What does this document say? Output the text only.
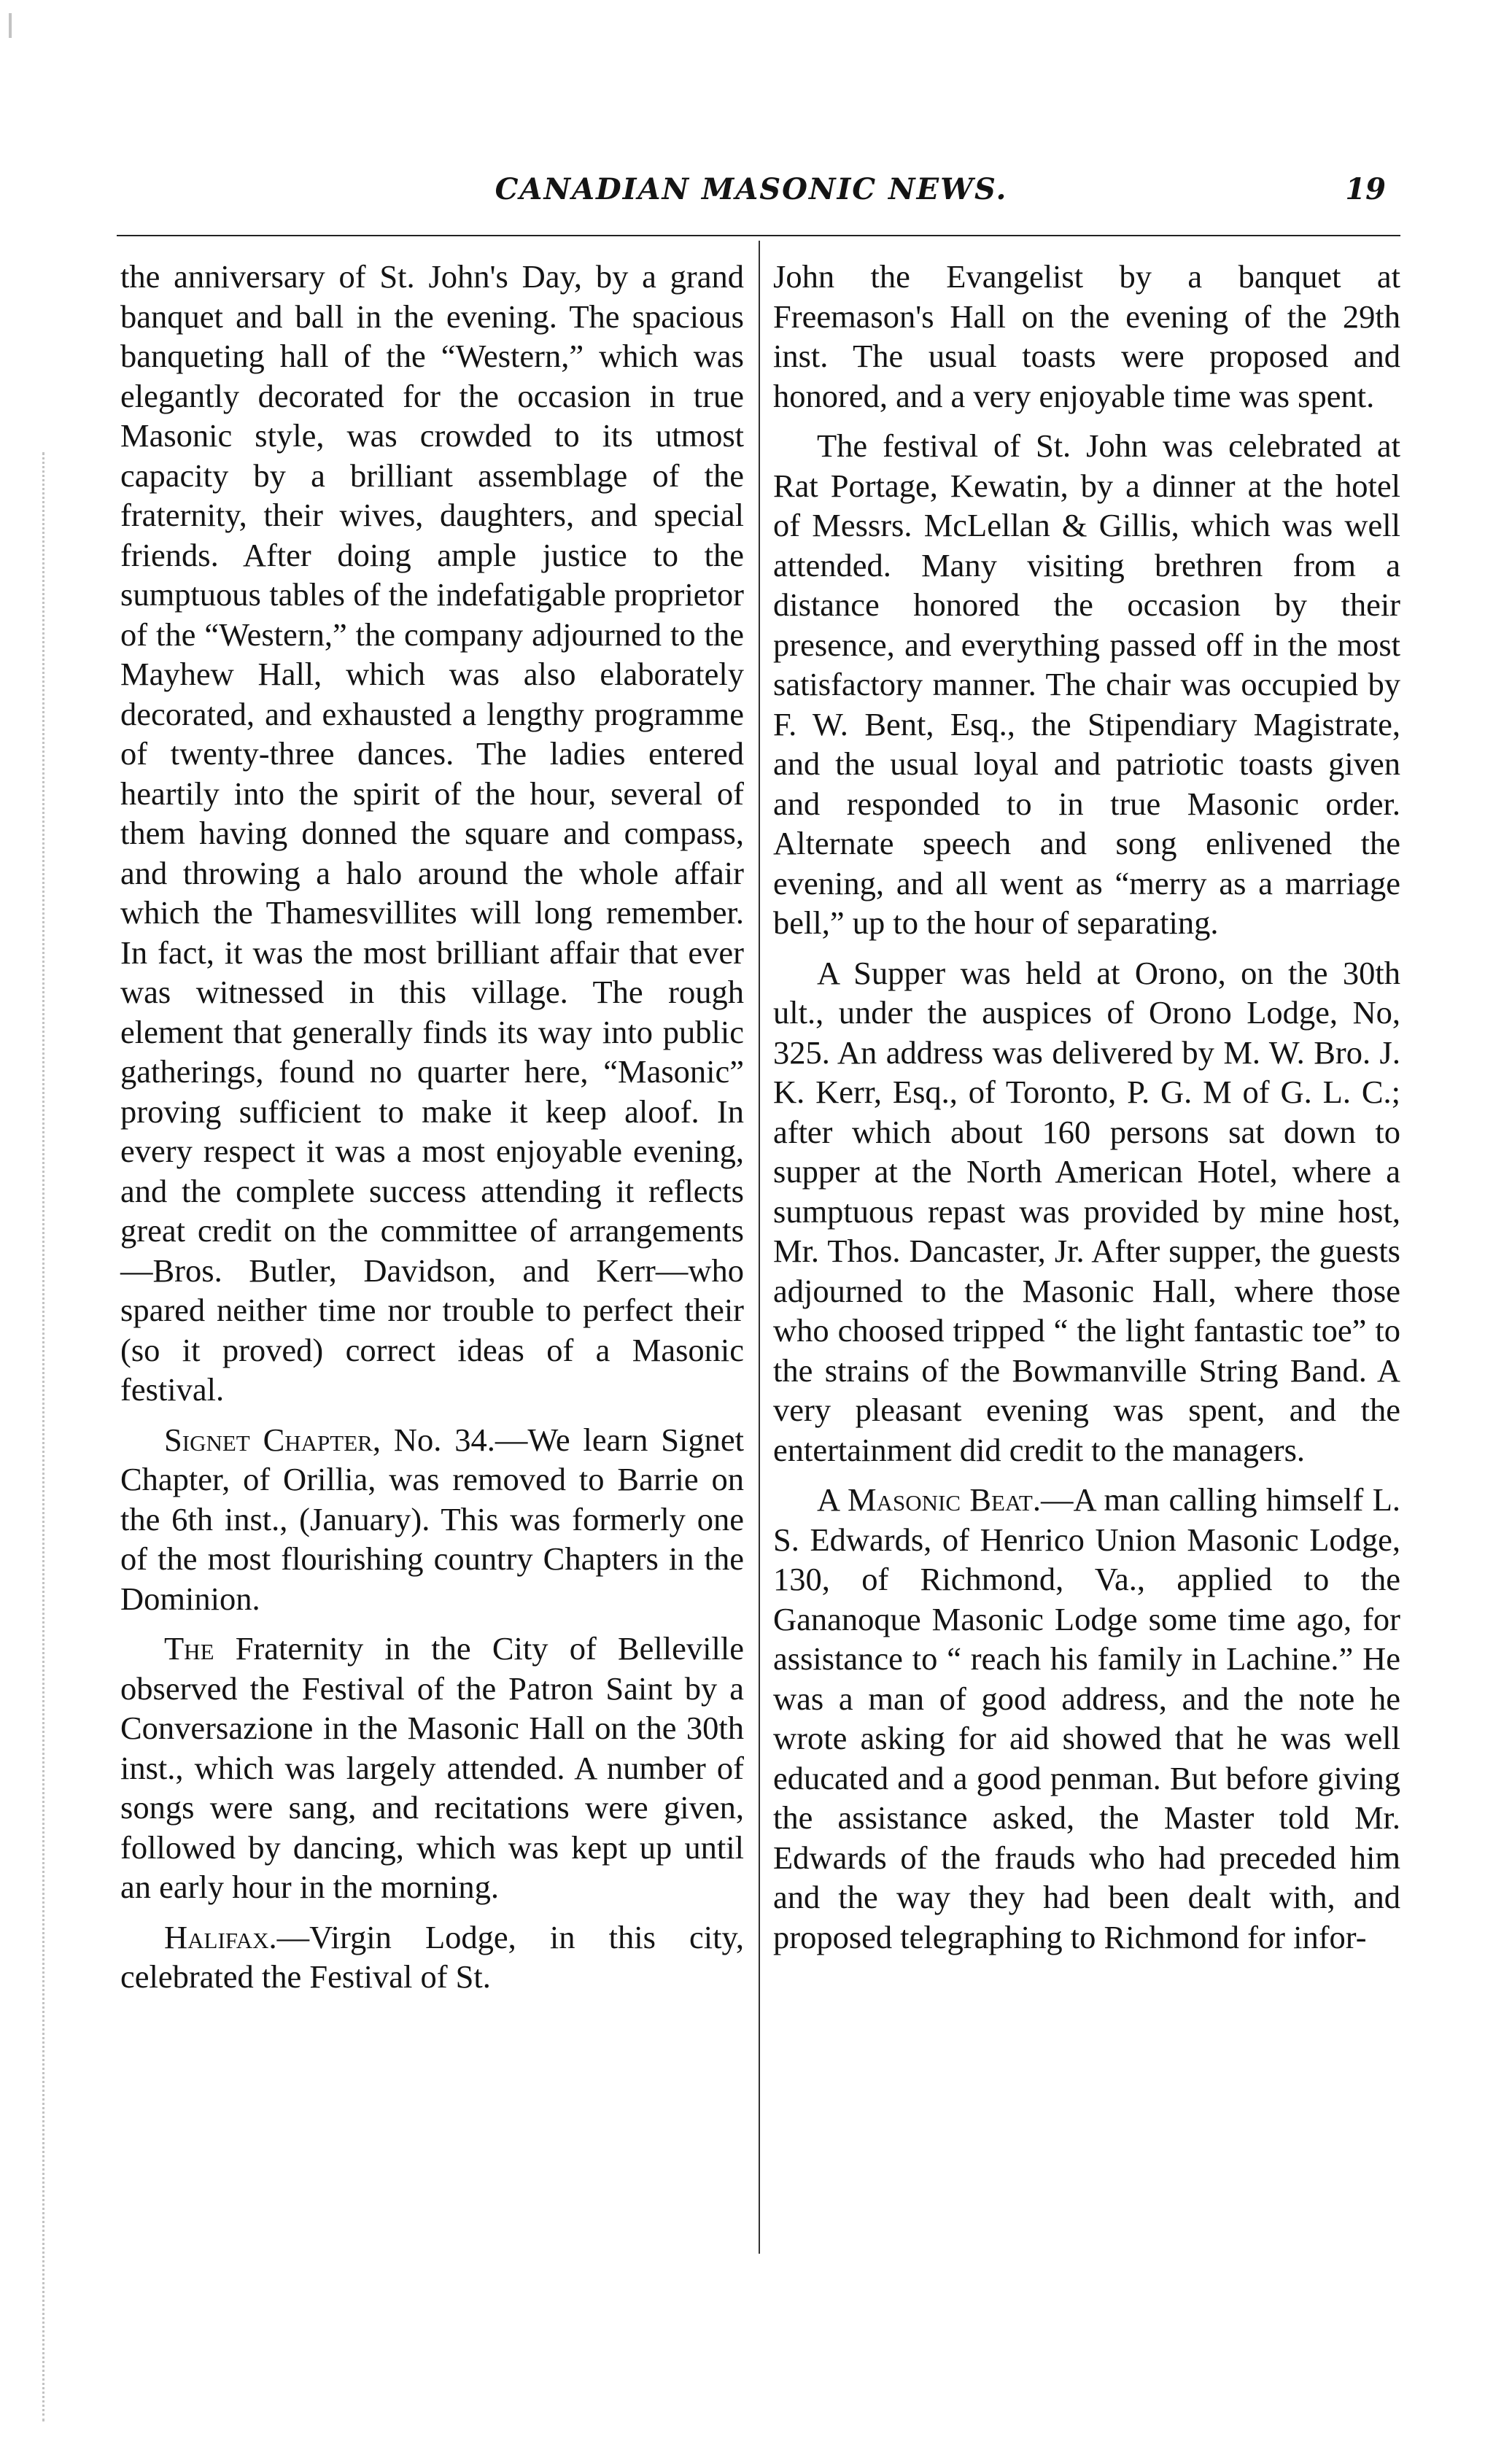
CANADIAN MASONIC NEWS.	19

the anniversary of St. John's Day, by a grand banquet and ball in the evening. The spacious banqueting hall of the “Western,” which was elegantly decorated for the occasion in true Masonic style, was crowded to its utmost capacity by a brilliant assemblage of the fraternity, their wives, daughters, and special friends. After doing ample justice to the sumptuous tables of the indefatigable proprietor of the “Western,” the company adjourned to the Mayhew Hall, which was also elaborately decorated, and exhausted a lengthy programme of twenty-three dances. The ladies entered heartily into the spirit of the hour, several of them having donned the square and compass, and throwing a halo around the whole affair which the Thamesvillites will long remember. In fact, it was the most brilliant affair that ever was witnessed in this village. The rough element that generally finds its way into public gatherings, found no quarter here, “Masonic” proving sufficient to make it keep aloof. In every respect it was a most enjoyable evening, and the complete success attending it reflects great credit on the committee of arrangements—Bros. Butler, Davidson, and Kerr—who spared neither time nor trouble to perfect their (so it proved) correct ideas of a Masonic festival.

Signet Chapter, No. 34.—We learn Signet Chapter, of Orillia, was removed to Barrie on the 6th inst., (January). This was formerly one of the most flourishing country Chapters in the Dominion.

The Fraternity in the City of Belleville observed the Festival of the Patron Saint by a Conversazione in the Masonic Hall on the 30th inst., which was largely attended. A number of songs were sang, and recitations were given, followed by dancing, which was kept up until an early hour in the morning.

Halifax.—Virgin Lodge, in this city, celebrated the Festival of St.

John the Evangelist by a banquet at Freemason's Hall on the evening of the 29th inst. The usual toasts were proposed and honored, and a very enjoyable time was spent.

The festival of St. John was celebrated at Rat Portage, Kewatin, by a dinner at the hotel of Messrs. McLellan & Gillis, which was well attended. Many visiting brethren from a distance honored the occasion by their presence, and everything passed off in the most satisfactory manner. The chair was occupied by F. W. Bent, Esq., the Stipendiary Magistrate, and the usual loyal and patriotic toasts given and responded to in true Masonic order. Alternate speech and song enlivened the evening, and all went as “merry as a marriage bell,” up to the hour of separating.

A Supper was held at Orono, on the 30th ult., under the auspices of Orono Lodge, No, 325. An address was delivered by M. W. Bro. J. K. Kerr, Esq., of Toronto, P. G. M of G. L. C.; after which about 160 persons sat down to supper at the North American Hotel, where a sumptuous repast was provided by mine host, Mr. Thos. Dancaster, Jr. After supper, the guests adjourned to the Masonic Hall, where those who choosed tripped “ the light fantastic toe” to the strains of the Bowmanville String Band. A very pleasant evening was spent, and the entertainment did credit to the managers.

A Masonic Beat.—A man calling himself L. S. Edwards, of Henrico Union Masonic Lodge, 130, of Richmond, Va., applied to the Gananoque Masonic Lodge some time ago, for assistance to “ reach his family in Lachine.” He was a man of good address, and the note he wrote asking for aid showed that he was well educated and a good penman. But before giving the assistance asked, the Master told Mr. Edwards of the frauds who had preceded him and the way they had been dealt with, and proposed telegraphing to Richmond for infor-
